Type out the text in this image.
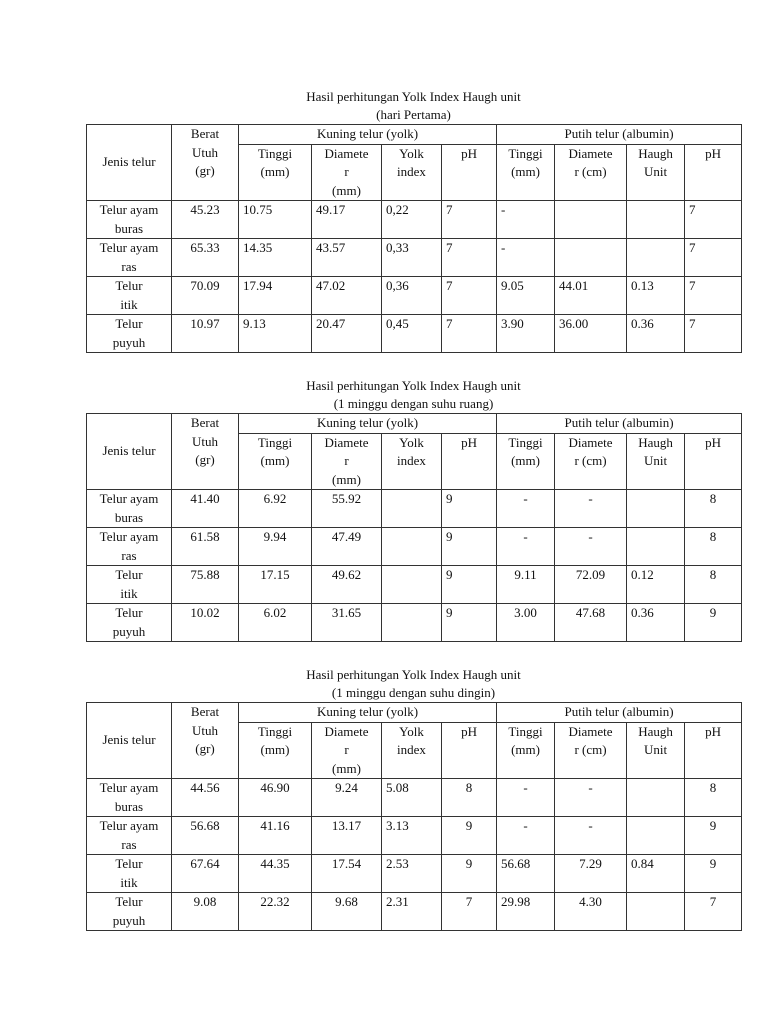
Hasil perhitungan Yolk Index Haugh unit
(hari Pertama)
Jenis telur	Berat
Utuh
(gr)	Kuning telur (yolk)				Putih telur (albumin)			
		Tinggi
(mm)	Diamete
r
(mm)	Yolk
index	pH	Tinggi
(mm)	Diamete
r (cm)	Haugh
Unit	pH
Telur ayam
buras	45.23	10.75	49.17	0,22	7	-			7
Telur ayam
ras	65.33	14.35	43.57	0,33	7	-			7
Telur
itik	70.09	17.94	47.02	0,36	7	9.05	44.01	0.13	7
Telur
puyuh	10.97	9.13	20.47	0,45	7	3.90	36.00	0.36	7
Hasil perhitungan Yolk Index Haugh unit
(1 minggu dengan suhu ruang)
Jenis telur	Berat
Utuh
(gr)	Kuning telur (yolk)				Putih telur (albumin)			
		Tinggi
(mm)	Diamete
r
(mm)	Yolk
index	pH	Tinggi
(mm)	Diamete
r (cm)	Haugh
Unit	pH
Telur ayam
buras	41.40	6.92	55.92		9	-	-		8
Telur ayam
ras	61.58	9.94	47.49		9	-	-		8
Telur
itik	75.88	17.15	49.62		9	9.11	72.09	0.12	8
Telur
puyuh	10.02	6.02	31.65		9	3.00	47.68	0.36	9
Hasil perhitungan Yolk Index Haugh unit
(1 minggu dengan suhu dingin)
Jenis telur	Berat
Utuh
(gr)	Kuning telur (yolk)				Putih telur (albumin)			
		Tinggi
(mm)	Diamete
r
(mm)	Yolk
index	pH	Tinggi
(mm)	Diamete
r (cm)	Haugh
Unit	pH
Telur ayam
buras	44.56	46.90	9.24	5.08	8	-	-		8
Telur ayam
ras	56.68	41.16	13.17	3.13	9	-	-		9
Telur
itik	67.64	44.35	17.54	2.53	9	56.68	7.29	0.84	9
Telur
puyuh	9.08	22.32	9.68	2.31	7	29.98	4.30		7
